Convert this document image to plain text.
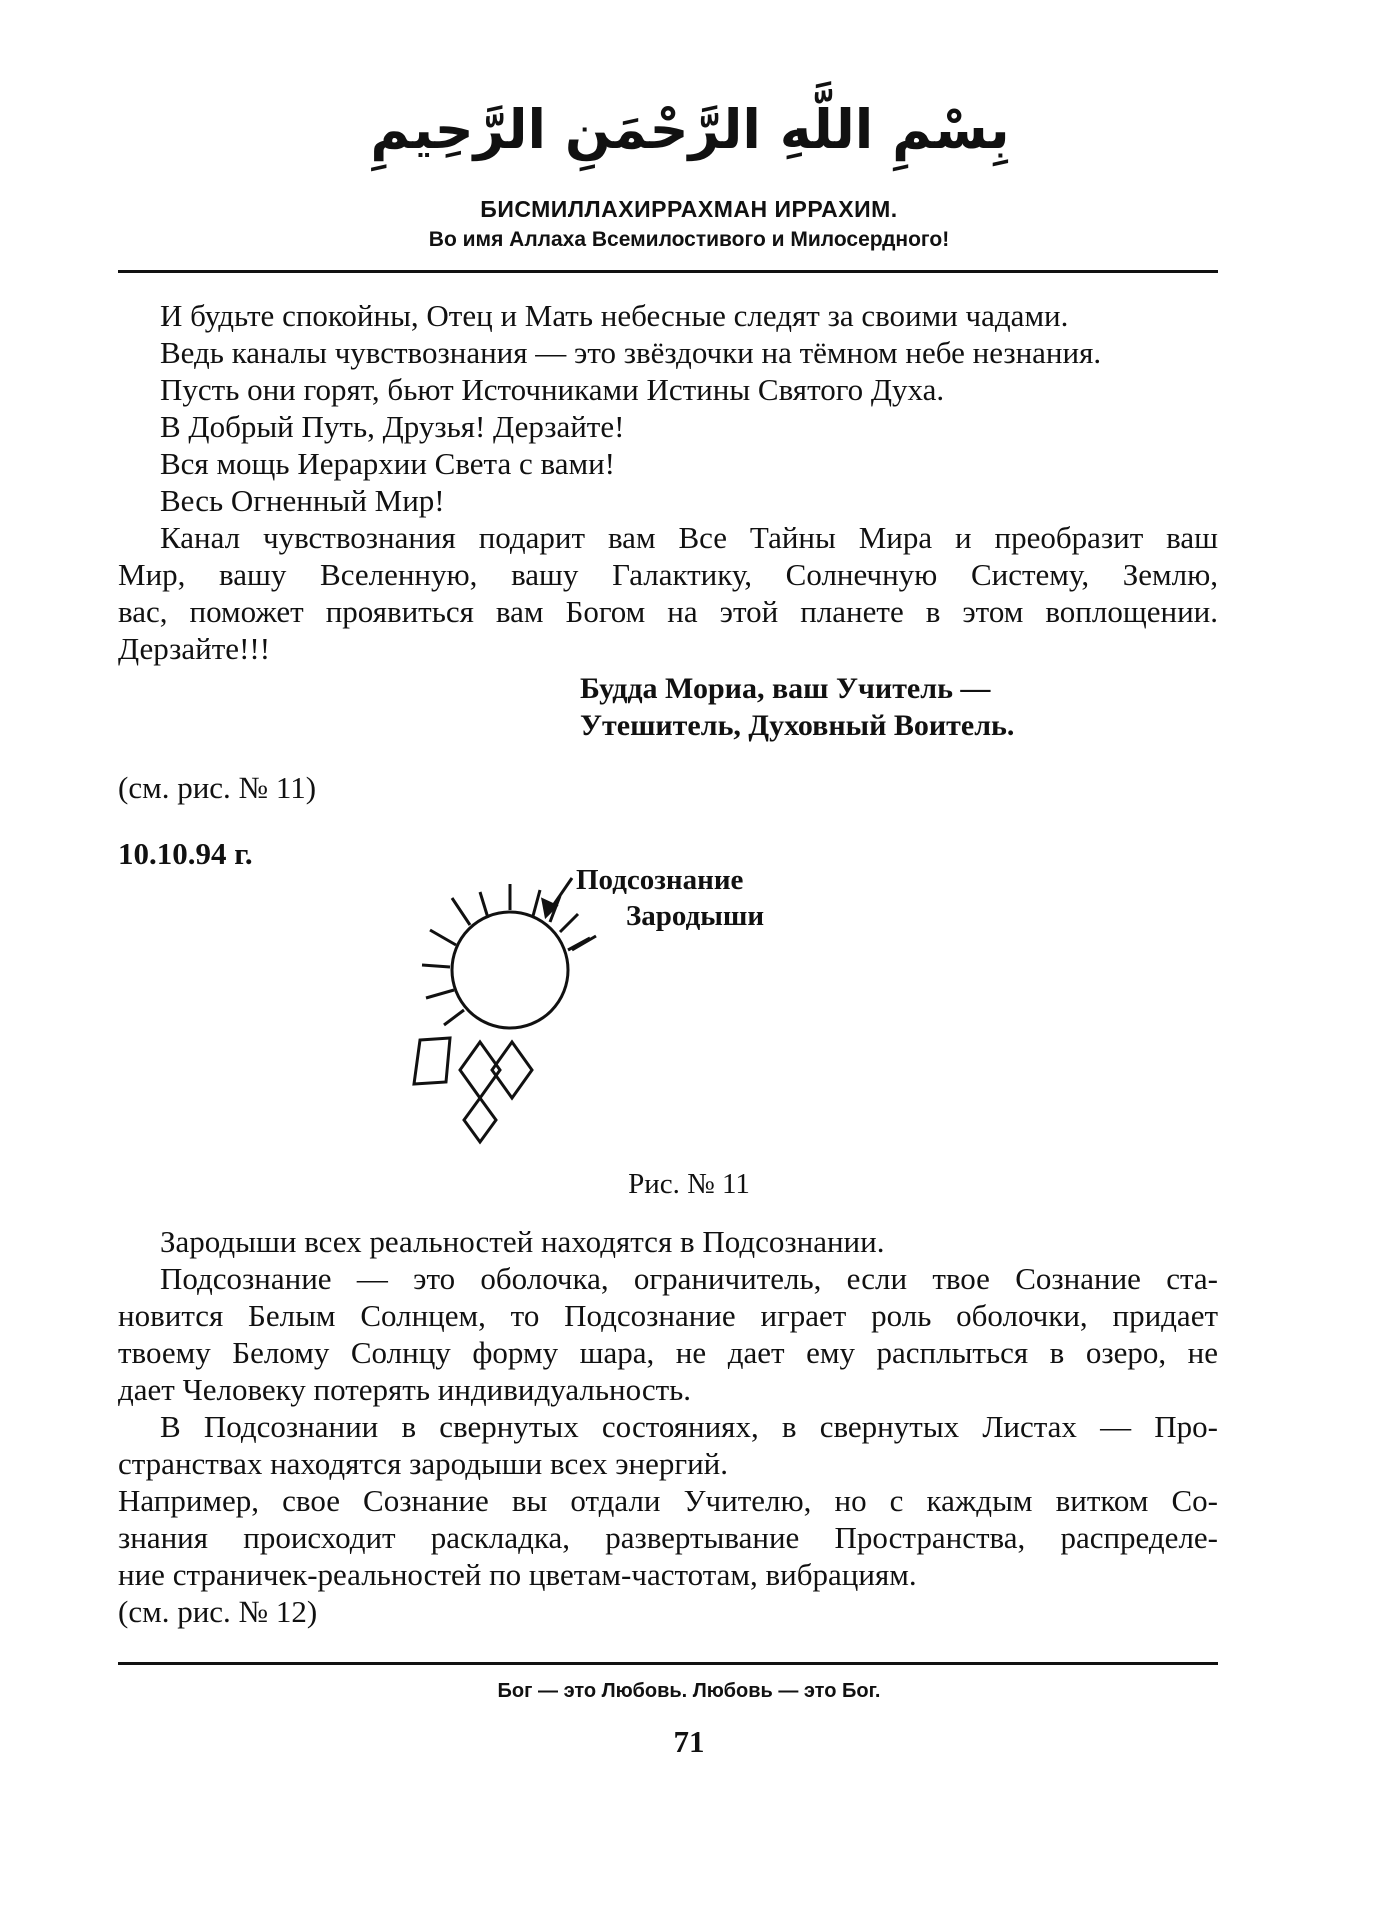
بِسْمِ اللَّهِ الرَّحْمَنِ الرَّحِيمِ
БИСМИЛЛАХИРРАХМАН ИРРАХИМ.
Во имя Аллаха Всемилостивого и Милосердного!
И будьте спокойны, Отец и Мать небесные следят за своими чадами.
Ведь каналы чувствознания — это звёздочки на тёмном небе незнания.
Пусть они горят, бьют Источниками Истины Святого Духа.
В Добрый Путь, Друзья! Дерзайте!
Вся мощь Иерархии Света с вами!
Весь Огненный Мир!
Канал чувствознания подарит вам Все Тайны Мира и преобразит ваш
Мир, вашу Вселенную, вашу Галактику, Солнечную Систему, Землю,
вас, поможет проявиться вам Богом на этой планете в этом воплощении.
Дерзайте!!!
Будда Мориа, ваш Учитель —
Утешитель, Духовный Воитель.
(см. рис. № 11)
10.10.94 г.
Подсознание
Зародыши
Рис. № 11
Зародыши всех реальностей находятся в Подсознании.
Подсознание — это оболочка, ограничитель, если твое Сознание ста-
новится Белым Солнцем, то Подсознание играет роль оболочки, придает
твоему Белому Солнцу форму шара, не дает ему расплыться в озеро, не
дает Человеку потерять индивидуальность.
В Подсознании в свернутых состояниях, в свернутых Листах — Про-
странствах находятся зародыши всех энергий.
Например, свое Сознание вы отдали Учителю, но с каждым витком Со-
знания происходит раскладка, развертывание Пространства, распределе-
ние страничек-реальностей по цветам-частотам, вибрациям.
(см. рис. № 12)
Бог — это Любовь. Любовь — это Бог.
71
